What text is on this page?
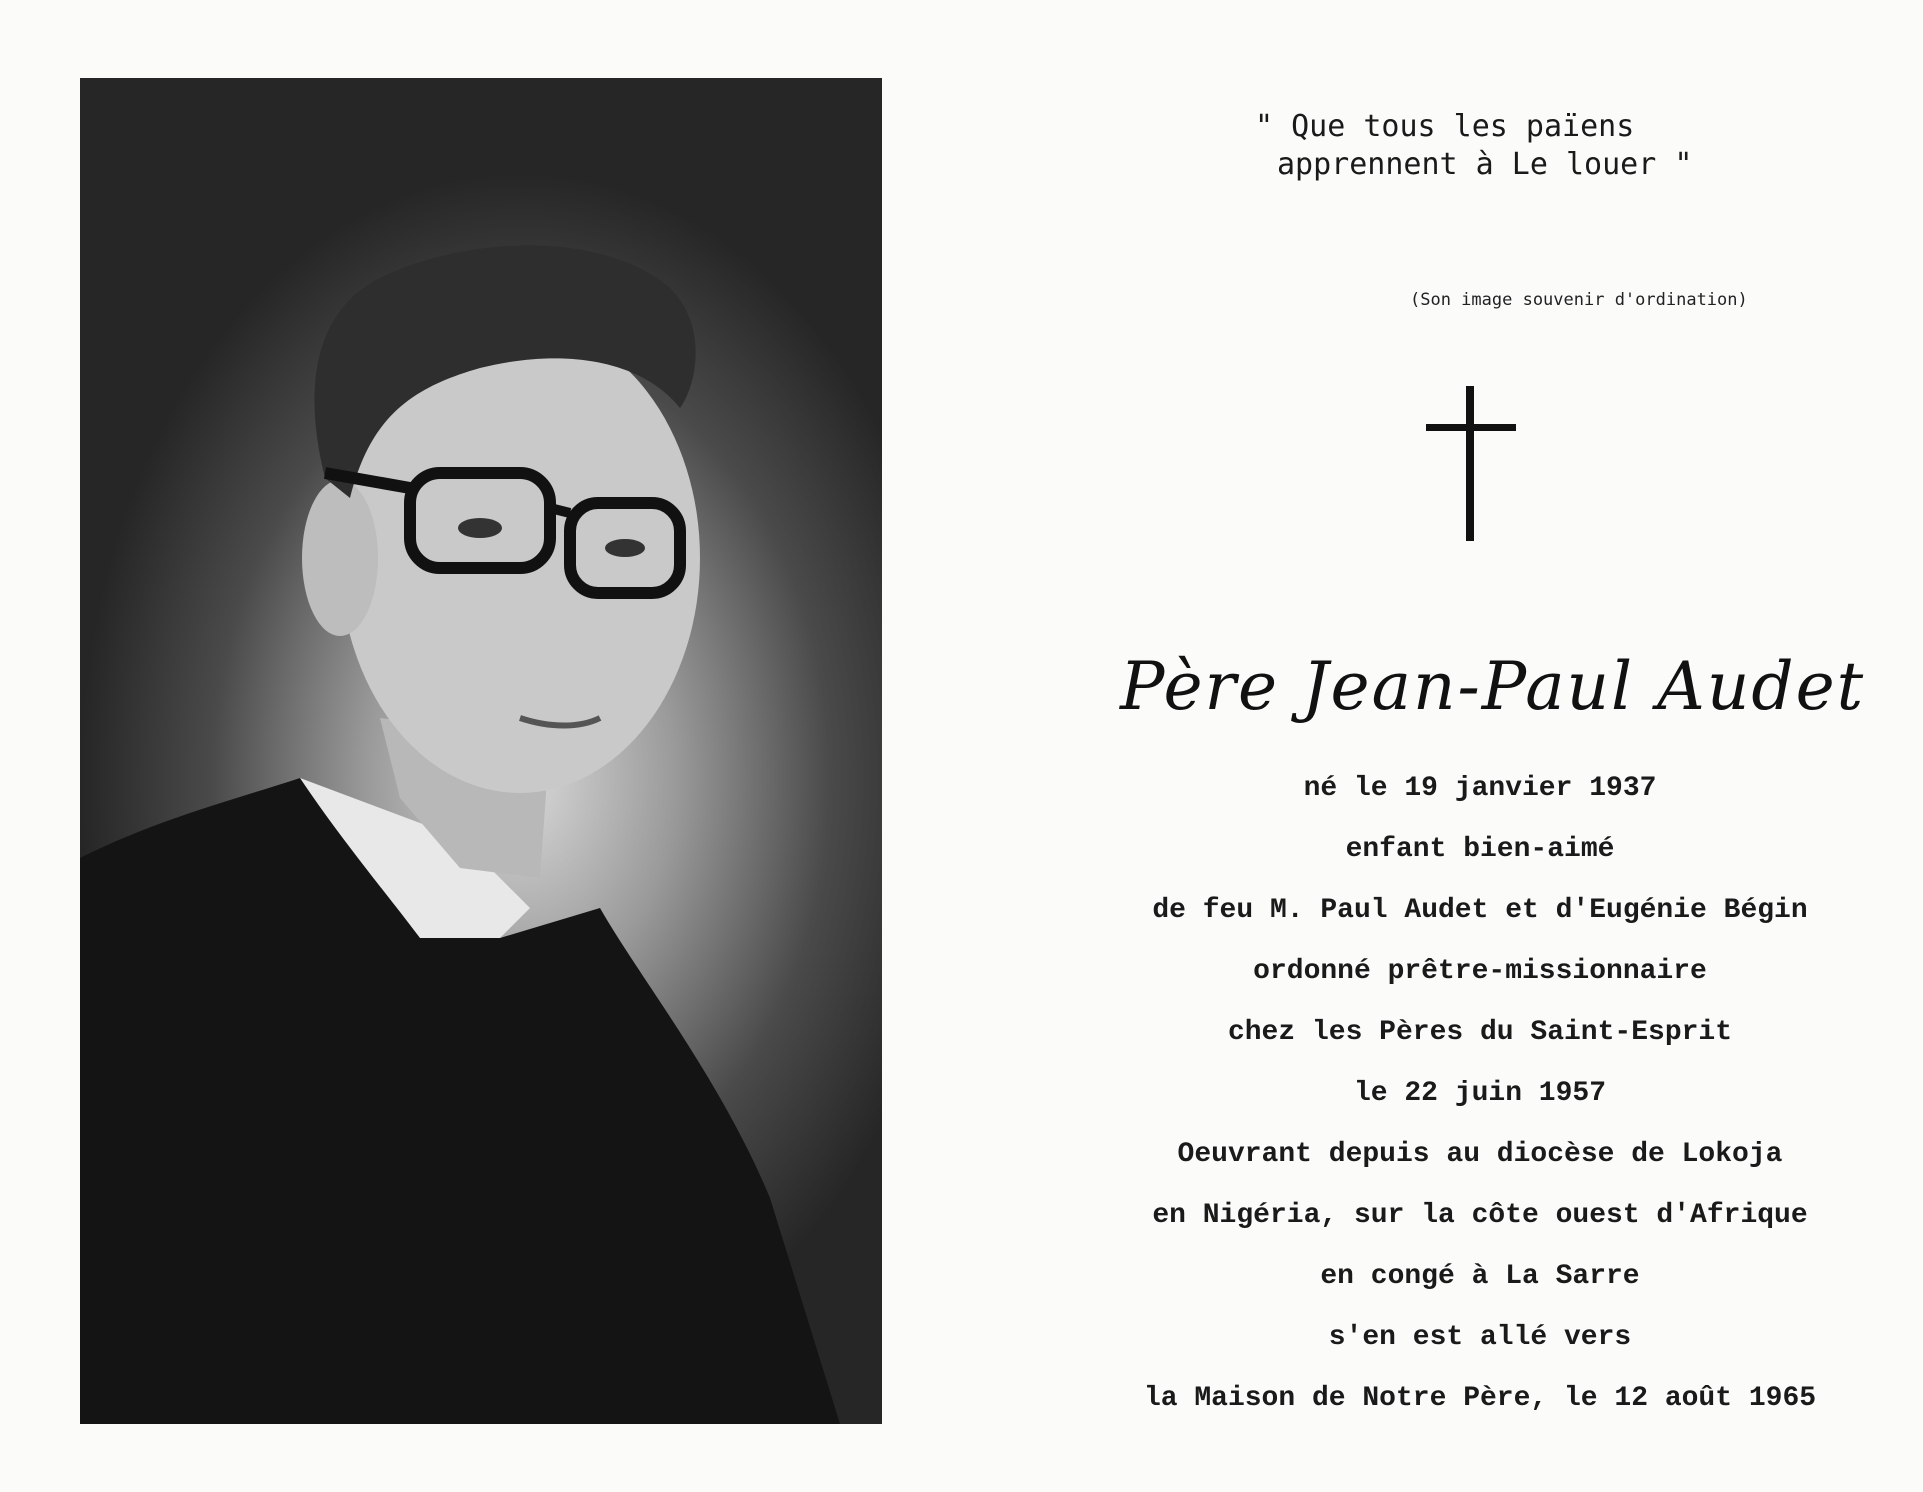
" Que tous les païens
apprennent à Le louer "
(Son image souvenir d'ordination)
Père Jean-Paul Audet
né le 19 janvier 1937
enfant bien-aimé
de feu M. Paul Audet et d'Eugénie Bégin
ordonné prêtre-missionnaire
chez les Pères du Saint-Esprit
le 22 juin 1957
Oeuvrant depuis au diocèse de Lokoja
en Nigéria, sur la côte ouest d'Afrique
en congé à La Sarre
s'en est allé vers
la Maison de Notre Père, le 12 août 1965
